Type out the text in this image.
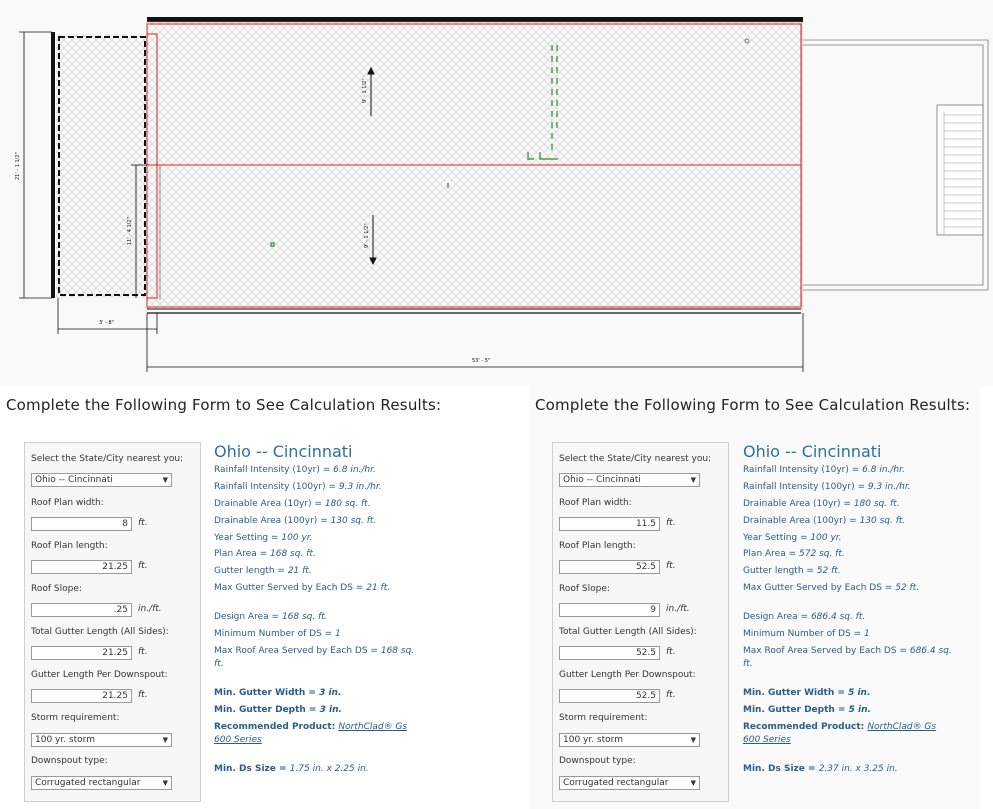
53' - 5"
3' - 8"
21' - 1 1/2"
11' - 4 1/2"
9' - 1 1/2"
9' - 1 1/2"
Complete the Following Form to See Calculation Results:
Select the State/City nearest you:
Ohio -- Cincinnati	▼
Roof Plan width:
8	ft.
Roof Plan length:
21.25	ft.
Roof Slope:
.25	in./ft.
Total Gutter Length (All Sides):
21.25	ft.
Gutter Length Per Downspout:
21.25	ft.
Storm requirement:
100 yr. storm	▼
Downspout type:
Corrugated rectangular	▼
Ohio -- Cincinnati
Rainfall Intensity (10yr) = 6.8 in./hr.
Rainfall Intensity (100yr) = 9.3 in./hr.
Drainable Area (10yr) = 180 sq. ft.
Drainable Area (100yr) = 130 sq. ft.
Year Setting = 100 yr.
Plan Area = 168 sq. ft.
Gutter length = 21 ft.
Max Gutter Served by Each DS = 21 ft.
Design Area = 168 sq. ft.
Minimum Number of DS = 1
Max Roof Area Served by Each DS = 168 sq. ft.
Min. Gutter Width = 3 in.
Min. Gutter Depth = 3 in.
Recommended Product: NorthClad® Gs 600 Series
Min. Ds Size = 1.75 in. x 2.25 in.
Complete the Following Form to See Calculation Results:
Select the State/City nearest you:
Ohio -- Cincinnati	▼
Roof Plan width:
11.5	ft.
Roof Plan length:
52.5	ft.
Roof Slope:
9	in./ft.
Total Gutter Length (All Sides):
52.5	ft.
Gutter Length Per Downspout:
52.5	ft.
Storm requirement:
100 yr. storm	▼
Downspout type:
Corrugated rectangular	▼
Ohio -- Cincinnati
Rainfall Intensity (10yr) = 6.8 in./hr.
Rainfall Intensity (100yr) = 9.3 in./hr.
Drainable Area (10yr) = 180 sq. ft.
Drainable Area (100yr) = 130 sq. ft.
Year Setting = 100 yr.
Plan Area = 572 sq. ft.
Gutter length = 52 ft.
Max Gutter Served by Each DS = 52 ft.
Design Area = 686.4 sq. ft.
Minimum Number of DS = 1
Max Roof Area Served by Each DS = 686.4 sq. ft.
Min. Gutter Width = 5 in.
Min. Gutter Depth = 5 in.
Recommended Product: NorthClad® Gs 600 Series
Min. Ds Size = 2.37 in. x 3.25 in.
